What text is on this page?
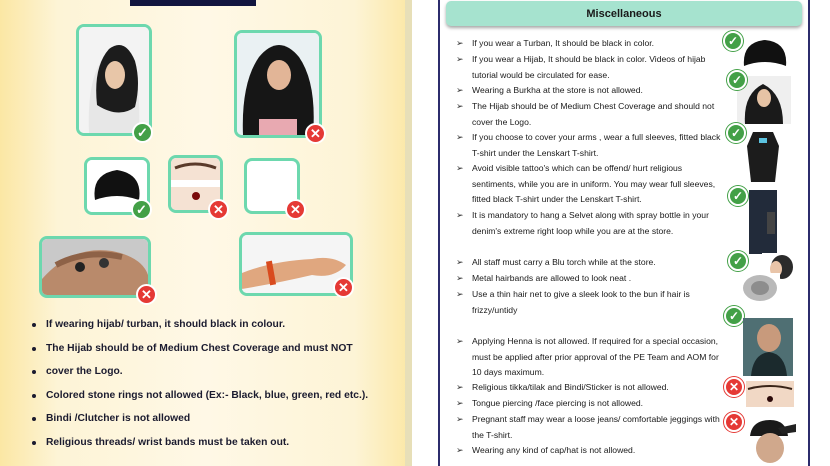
✓	✕
✓	✕	✕
✕	✕
If wearing hijab/ turban, it should black in colour.
The Hijab should be of Medium Chest Coverage and must NOT
cover the Logo.
Colored stone rings not allowed (Ex:- Black, blue, green, red etc.).
Bindi /Clutcher is not allowed
Religious threads/ wrist bands must be taken out.
Miscellaneous
➢ If you wear a Turban, It should be black in color.
➢ If you wear a Hijab, It should be black in color. Videos of hijab tutorial would be circulated for ease.
➢ Wearing a Burkha at the store is not allowed.
➢ The Hijab should be of Medium Chest Coverage and should not cover the Logo.
➢ If you choose to cover your arms , wear a full sleeves, fitted black T-shirt under the Lenskart T-shirt.
➢ Avoid visible tattoo's which can be offend/ hurt religious sentiments, while you are in uniform. You may wear full sleeves, fitted black T-shirt under the Lenskart T-shirt.
➢ It is mandatory to hang a Selvet along with spray bottle in your denim's extreme right loop while you are at the store.
➢ All staff must carry a Blu torch while at the store.
➢ Metal hairbands are allowed to look neat .
➢ Use a thin hair net to give a sleek look to the bun if hair is frizzy/untidy
➢ Applying Henna is not allowed. If required for a special occasion, must be applied after prior approval of the PE Team and AOM for 10 days maximum.
➢ Religious tikka/tilak and Bindi/Sticker is not allowed.
➢ Tongue piercing /face piercing is not allowed.
➢ Pregnant staff may wear a loose jeans/ comfortable jeggings with the T-shirt.
➢ Wearing any kind of cap/hat is not allowed.
✓
✓
✓
✓
✓
✓
✕
✕
